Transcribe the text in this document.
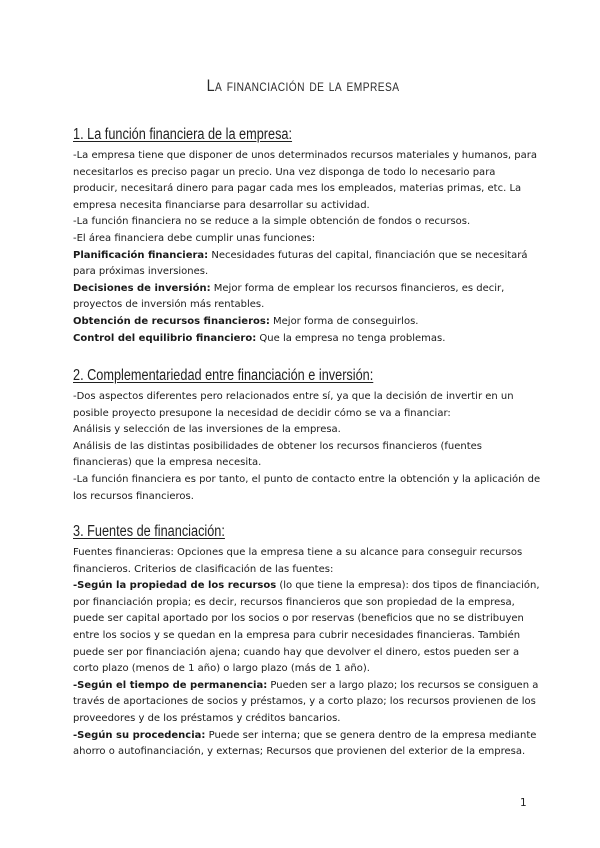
La financiación de la empresa
1. La función financiera de la empresa:

-La empresa tiene que disponer de unos determinados recursos materiales y humanos, para necesitarlos es preciso pagar un precio. Una vez disponga de todo lo necesario para producir, necesitará dinero para pagar cada mes los empleados, materias primas, etc. La empresa necesita financiarse para desarrollar su actividad.

-La función financiera no se reduce a la simple obtención de fondos o recursos.

-El área financiera debe cumplir unas funciones:

Planificación financiera: Necesidades futuras del capital, financiación que se necesitará para próximas inversiones.

Decisiones de inversión: Mejor forma de emplear los recursos financieros, es decir, proyectos de inversión más rentables.

Obtención de recursos financieros: Mejor forma de conseguirlos.

Control del equilibrio financiero: Que la empresa no tenga problemas.

2. Complementariedad entre financiación e inversión:

-Dos aspectos diferentes pero relacionados entre sí, ya que la decisión de invertir en un posible proyecto presupone la necesidad de decidir cómo se va a financiar:

Análisis y selección de las inversiones de la empresa.

Análisis de las distintas posibilidades de obtener los recursos financieros (fuentes financieras) que la empresa necesita.

-La función financiera es por tanto, el punto de contacto entre la obtención y la aplicación de los recursos financieros.

3. Fuentes de financiación:

Fuentes financieras: Opciones que la empresa tiene a su alcance para conseguir recursos financieros. Criterios de clasificación de las fuentes:

-Según la propiedad de los recursos (lo que tiene la empresa): dos tipos de financiación, por financiación propia; es decir, recursos financieros que son propiedad de la empresa, puede ser capital aportado por los socios o por reservas (beneficios que no se distribuyen entre los socios y se quedan en la empresa para cubrir necesidades financieras. También puede ser por financiación ajena; cuando hay que devolver el dinero, estos pueden ser a corto plazo (menos de 1 año) o largo plazo (más de 1 año).

-Según el tiempo de permanencia: Pueden ser a largo plazo; los recursos se consiguen a través de aportaciones de socios y préstamos, y a corto plazo; los recursos provienen de los proveedores y de los préstamos y créditos bancarios.

-Según su procedencia: Puede ser interna; que se genera dentro de la empresa mediante ahorro o autofinanciación, y externas; Recursos que provienen del exterior de la empresa.

1
